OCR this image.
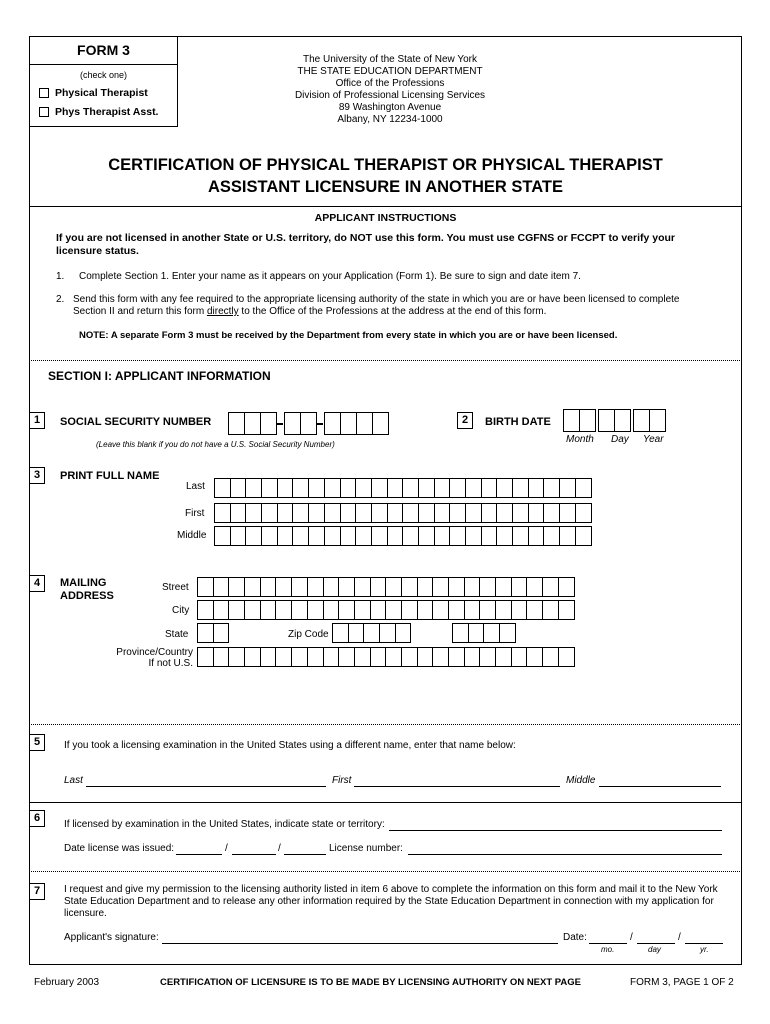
FORM 3
(check one)
Physical Therapist
Phys Therapist Asst.
The University of the State of New York
THE STATE EDUCATION DEPARTMENT
Office of the Professions
Division of Professional Licensing Services
89 Washington Avenue
Albany, NY 12234-1000
CERTIFICATION OF PHYSICAL THERAPIST OR PHYSICAL THERAPIST
ASSISTANT LICENSURE IN ANOTHER STATE
APPLICANT INSTRUCTIONS
If you are not licensed in another State or U.S. territory, do NOT use this form. You must use CGFNS or FCCPT to verify your licensure status.
1. Complete Section 1. Enter your name as it appears on your Application (Form 1). Be sure to sign and date item 7.
2. Send this form with any fee required to the appropriate licensing authority of the state in which you are or have been licensed to complete Section II and return this form directly to the Office of the Professions at the address at the end of this form.
NOTE: A separate Form 3 must be received by the Department from every state in which you are or have been licensed.
SECTION I: APPLICANT INFORMATION
1	SOCIAL SECURITY NUMBER
(Leave this blank if you do not have a U.S. Social Security Number)
2	BIRTH DATE
Month Day Year
3	PRINT FULL NAME
Last
First
Middle
4	MAILING
ADDRESS
Street
City
State	Zip Code
Province/Country
If not U.S.
5	If you took a licensing examination in the United States using a different name, enter that name below:
Last	First	Middle
6
If licensed by examination in the United States, indicate state or territory:
Date license was issued:	/	/	License number:
7	I request and give my permission to the licensing authority listed in item 6 above to complete the information on this form and mail it to the New York State Education Department and to release any other information required by the State Education Department in connection with my application for licensure.
Applicant's signature:	Date:	/	/
mo.	day	yr.
February 2003	CERTIFICATION OF LICENSURE IS TO BE MADE BY LICENSING AUTHORITY ON NEXT PAGE	FORM 3, PAGE 1 OF 2
